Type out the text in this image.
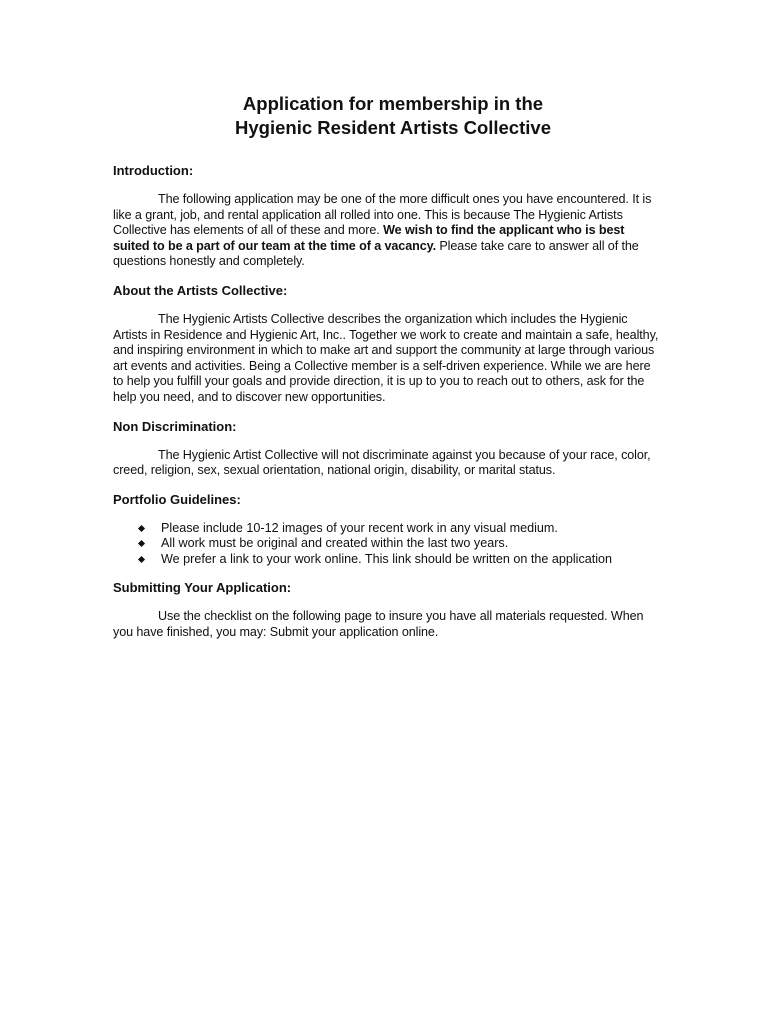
Application for membership in the
Hygienic Resident Artists Collective
Introduction:

The following application may be one of the more difficult ones you have encountered. It is like a grant, job, and rental application all rolled into one. This is because The Hygienic Artists Collective has elements of all of these and more. We wish to find the applicant who is best suited to be a part of our team at the time of a vacancy. Please take care to answer all of the questions honestly and completely.

About the Artists Collective:

The Hygienic Artists Collective describes the organization which includes the Hygienic Artists in Residence and Hygienic Art, Inc.. Together we work to create and maintain a safe, healthy, and inspiring environment in which to make art and support the community at large through various art events and activities. Being a Collective member is a self-driven experience. While we are here to help you fulfill your goals and provide direction, it is up to you to reach out to others, ask for the help you need, and to discover new opportunities.

Non Discrimination:

The Hygienic Artist Collective will not discriminate against you because of your race, color, creed, religion, sex, sexual orientation, national origin, disability, or marital status.

Portfolio Guidelines:
Please include 10-12 images of your recent work in any visual medium.
All work must be original and created within the last two years.
We prefer a link to your work online. This link should be written on the application
Submitting Your Application:

Use the checklist on the following page to insure you have all materials requested. When you have finished, you may: Submit your application online.
